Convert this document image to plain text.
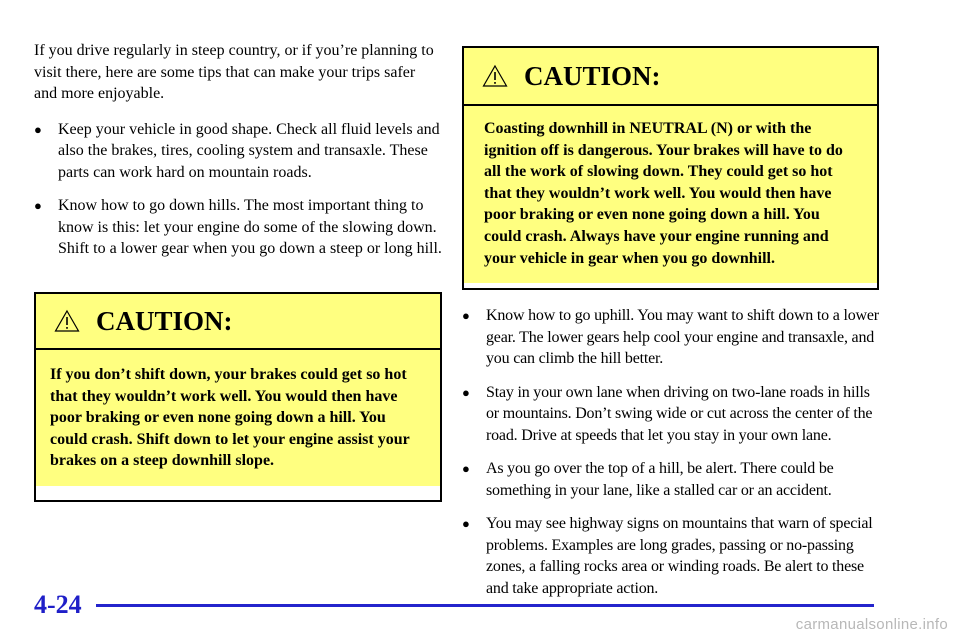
If you drive regularly in steep country, or if you’re planning to visit there, here are some tips that can make your trips safer and more enjoyable.

● Keep your vehicle in good shape. Check all fluid levels and also the brakes, tires, cooling system and transaxle. These parts can work hard on mountain roads.
● Know how to go down hills. The most important thing to know is this: let your engine do some of the slowing down. Shift to a lower gear when you go down a steep or long hill.
CAUTION:
If you don’t shift down, your brakes could get so hot that they wouldn’t work well. You would then have poor braking or even none going down a hill. You could crash. Shift down to let your engine assist your brakes on a steep downhill slope.
CAUTION:
Coasting downhill in NEUTRAL (N) or with the ignition off is dangerous. Your brakes will have to do all the work of slowing down. They could get so hot that they wouldn’t work well. You would then have poor braking or even none going down a hill. You could crash. Always have your engine running and your vehicle in gear when you go downhill.
● Know how to go uphill. You may want to shift down to a lower gear. The lower gears help cool your engine and transaxle, and you can climb the hill better.
● Stay in your own lane when driving on two-lane roads in hills or mountains. Don’t swing wide or cut across the center of the road. Drive at speeds that let you stay in your own lane.
● As you go over the top of a hill, be alert. There could be something in your lane, like a stalled car or an accident.
● You may see highway signs on mountains that warn of special problems. Examples are long grades, passing or no-passing zones, a falling rocks area or winding roads. Be alert to these and take appropriate action.
4-24
carmanualsonline.info
